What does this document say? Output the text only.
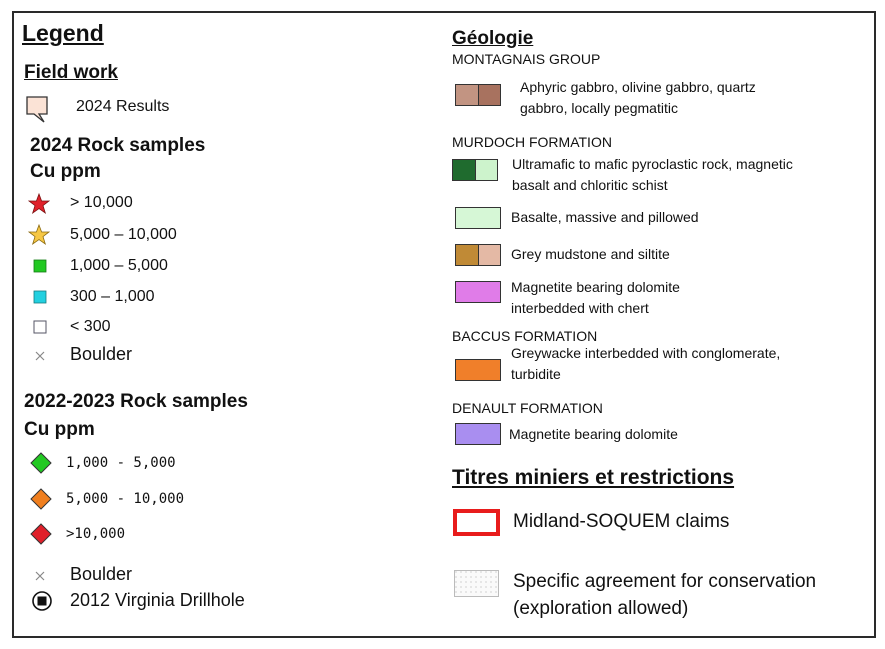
Legend
Field work
2024 Results
2024 Rock samples
Cu ppm
> 10,000
5,000 – 10,000
1,000 – 5,000
300 – 1,000
< 300
Boulder
2022-2023 Rock samples
Cu ppm
1,000 - 5,000
5,000 - 10,000
>10,000
Boulder
2012 Virginia Drillhole
Géologie
MONTAGNAIS GROUP
Aphyric gabbro, olivine gabbro, quartz
gabbro, locally pegmatitic
MURDOCH FORMATION
Ultramafic to mafic pyroclastic rock, magnetic
basalt and chloritic schist
Basalte, massive and pillowed
Grey mudstone and siltite
Magnetite bearing dolomite
interbedded with chert
BACCUS FORMATION
Greywacke interbedded with conglomerate,
turbidite
DENAULT FORMATION
Magnetite bearing dolomite
Titres miniers et restrictions
Midland-SOQUEM claims
Specific agreement for conservation
(exploration allowed)
